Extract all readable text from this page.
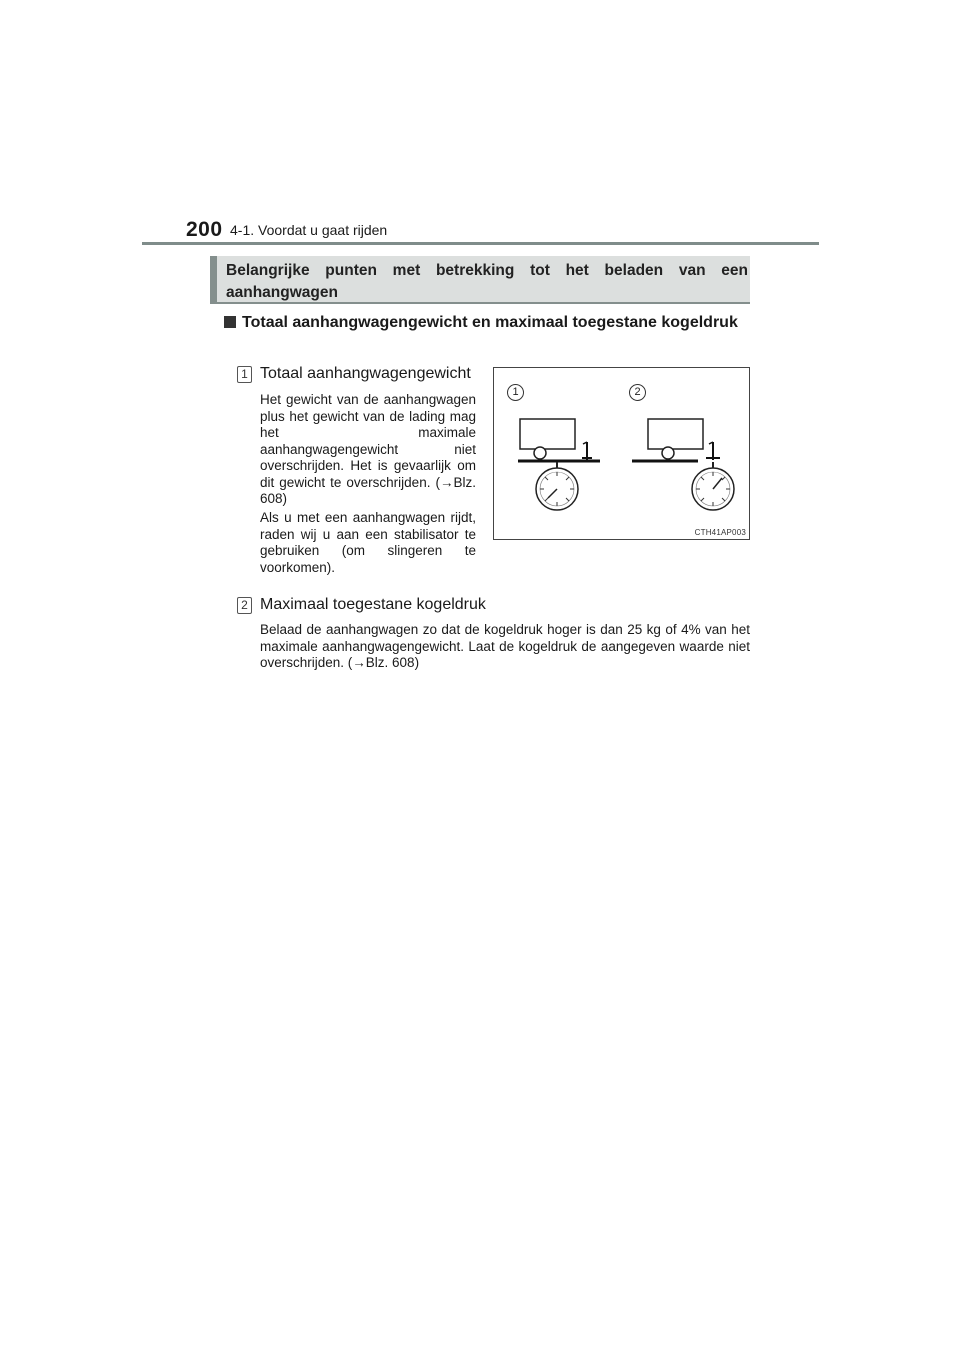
200 4-1. Voordat u gaat rijden
Belangrijke punten met betrekking tot het beladen van een aanhangwagen
Totaal aanhangwagengewicht en maximaal toegestane kogeldruk
1 Totaal aanhangwagengewicht
Het gewicht van de aanhangwagen plus het gewicht van de lading mag het maximale aanhangwagengewicht niet overschrijden. Het is gevaarlijk om dit gewicht te overschrijden. (→Blz. 608)
Als u met een aanhangwagen rijdt, raden wij u aan een stabilisator te gebruiken (om slingeren te voorkomen).
1	2
CTH41AP003
2 Maximaal toegestane kogeldruk
Belaad de aanhangwagen zo dat de kogeldruk hoger is dan 25 kg of 4% van het maximale aanhangwagengewicht. Laat de kogeldruk de aangegeven waarde niet overschrijden. (→Blz. 608)
